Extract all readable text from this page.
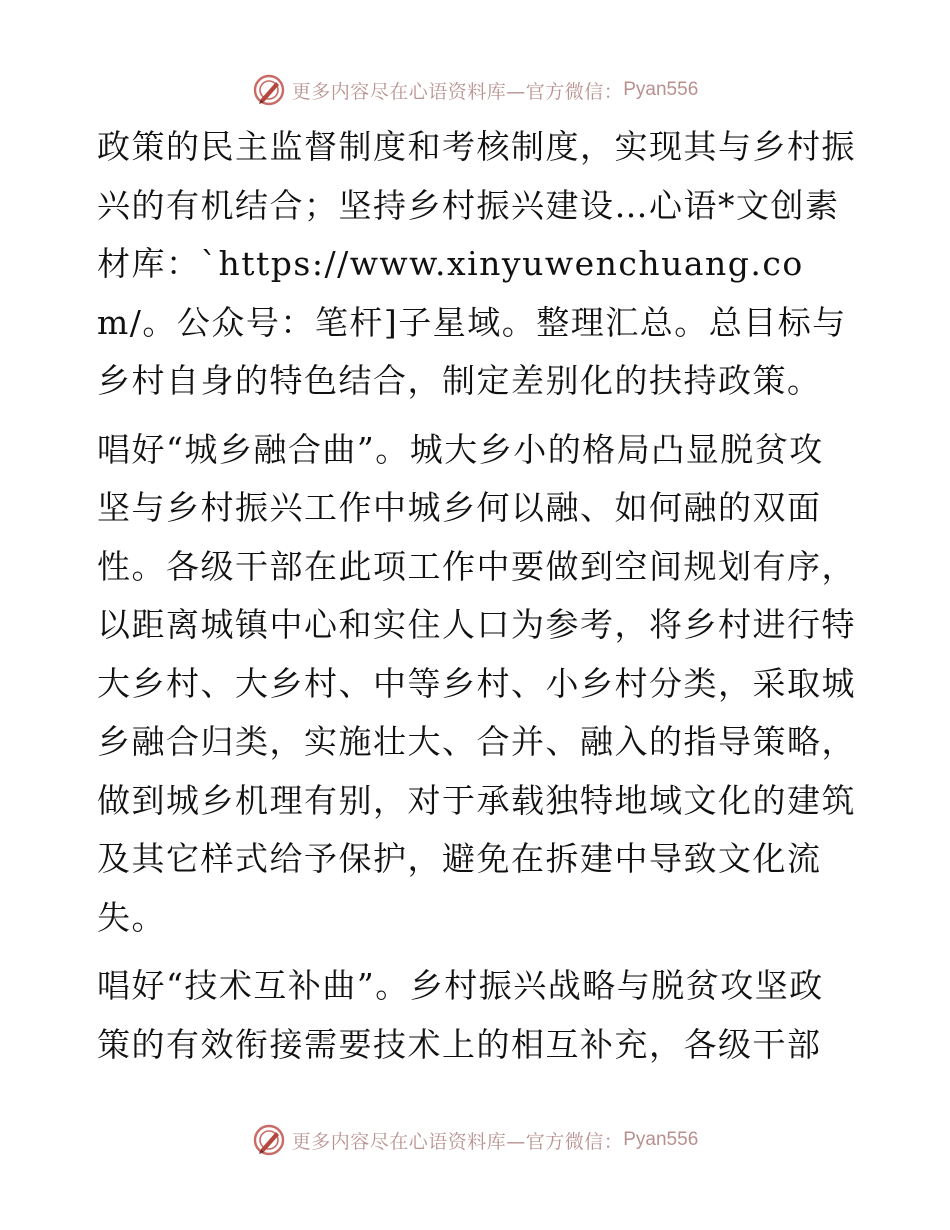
更多内容尽在心语资料库—官方微信： Pyan556

政策的民主监督制度和考核制度，实现其与乡村振兴的有机结合；坚持乡村振兴建设…心语*文创素材库：`https://www.xinyuwenchuang.com/。公众号：笔杆]子星域。整理汇总。总目标与乡村自身的特色结合，制定差别化的扶持政策。

唱好“城乡融合曲”。城大乡小的格局凸显脱贫攻坚与乡村振兴工作中城乡何以融、如何融的双面性。各级干部在此项工作中要做到空间规划有序，以距离城镇中心和实住人口为参考，将乡村进行特大乡村、大乡村、中等乡村、小乡村分类，采取城乡融合归类，实施壮大、合并、融入的指导策略，做到城乡机理有别，对于承载独特地域文化的建筑及其它样式给予保护，避免在拆建中导致文化流失。

唱好“技术互补曲”。乡村振兴战略与脱贫攻坚政策的有效衔接需要技术上的相互补充，各级干部

更多内容尽在心语资料库—官方微信： Pyan556
